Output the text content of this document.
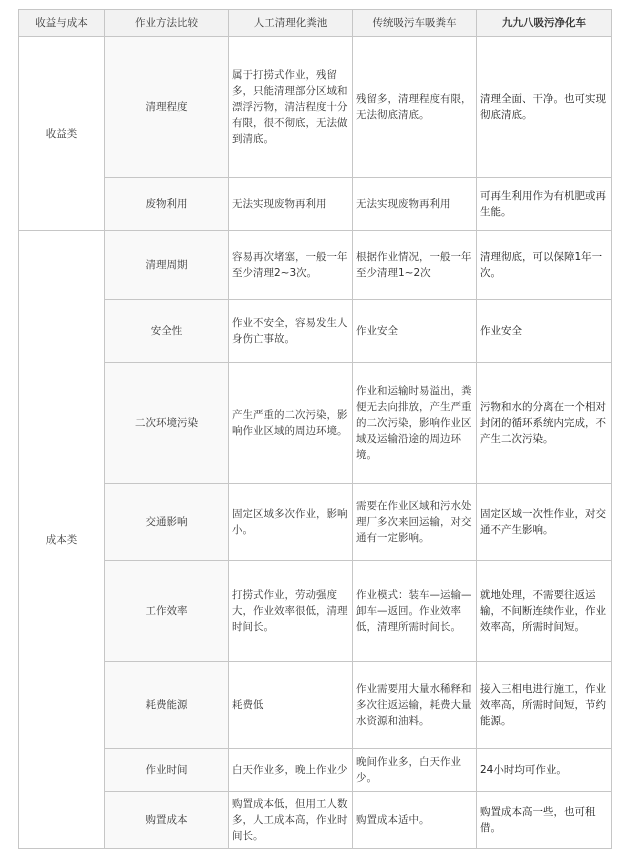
收益与成本	作业方法比较	人工清理化粪池	传统吸污车吸粪车	九九八吸污净化车
收益类	清理程度	属于打捞式作业，残留多，只能清理部分区域和漂浮污物，清洁程度十分有限，很不彻底，无法做到清底。	残留多，清理程度有限，无法彻底清底。	清理全面、干净。也可实现彻底清底。
	废物利用	无法实现废物再利用	无法实现废物再利用	可再生利用作为有机肥或再生能。
成本类	清理周期	容易再次堵塞，一般一年至少清理2~3次。	根据作业情况，一般一年至少清理1~2次	清理彻底，可以保障1年一次。
	安全性	作业不安全，容易发生人身伤亡事故。	作业安全	作业安全
	二次环境污染	产生严重的二次污染，影响作业区域的周边环境。	作业和运输时易溢出，粪便无去向排放，产生严重的二次污染，影响作业区域及运输沿途的周边环境。	污物和水的分离在一个相对封闭的循环系统内完成，不产生二次污染。
	交通影响	固定区域多次作业，影响小。	需要在作业区域和污水处理厂多次来回运输，对交通有一定影响。	固定区域一次性作业，对交通不产生影响。
	工作效率	打捞式作业，劳动强度大，作业效率很低，清理时间长。	作业模式：装车—运输—卸车—返回。作业效率低，清理所需时间长。	就地处理，不需要往返运输，不间断连续作业，作业效率高，所需时间短。
	耗费能源	耗费低	作业需要用大量水稀释和多次往返运输，耗费大量水资源和油料。	接入三相电进行施工，作业效率高，所需时间短，节约能源。
	作业时间	白天作业多，晚上作业少	晚间作业多，白天作业少。	24小时均可作业。
	购置成本	购置成本低，但用工人数多，人工成本高，作业时间长。	购置成本适中。	购置成本高一些，也可租借。
